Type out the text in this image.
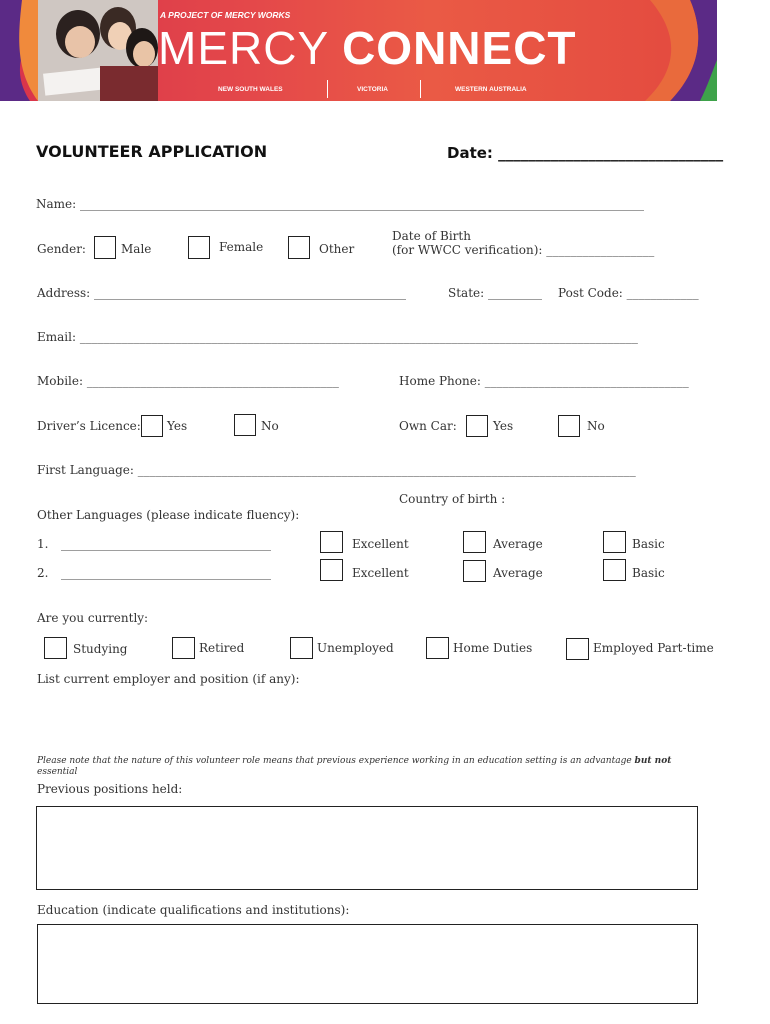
A PROJECT OF MERCY WORKS
MERCY CONNECT
NEW SOUTH WALES	VICTORIA	WESTERN AUSTRALIA
VOLUNTEER APPLICATION	Date: ______________________________
Name: ______________________________________________________________________________________________
Gender:	Male	Female	Other
Date of Birth
(for WWCC verification): __________________
Address: ____________________________________________________	State: _________ Post Code: ____________
Email: _____________________________________________________________________________________________
Mobile: __________________________________________	Home Phone: __________________________________
Driver’s Licence: Yes	No	Own Car:	Yes	No
First Language: ___________________________________________________________________________________
Country of birth :
Other Languages (please indicate fluency):
1. ___________________________________	Excellent	Average	Basic
2. ___________________________________	Excellent	Average	Basic
Are you currently:
Studying	Retired	Unemployed	Home Duties	Employed Part-time
List current employer and position (if any):
Please note that the nature of this volunteer role means that previous experience working in an education setting is an advantage but not
essential
Previous positions held:
Education (indicate qualifications and institutions):
